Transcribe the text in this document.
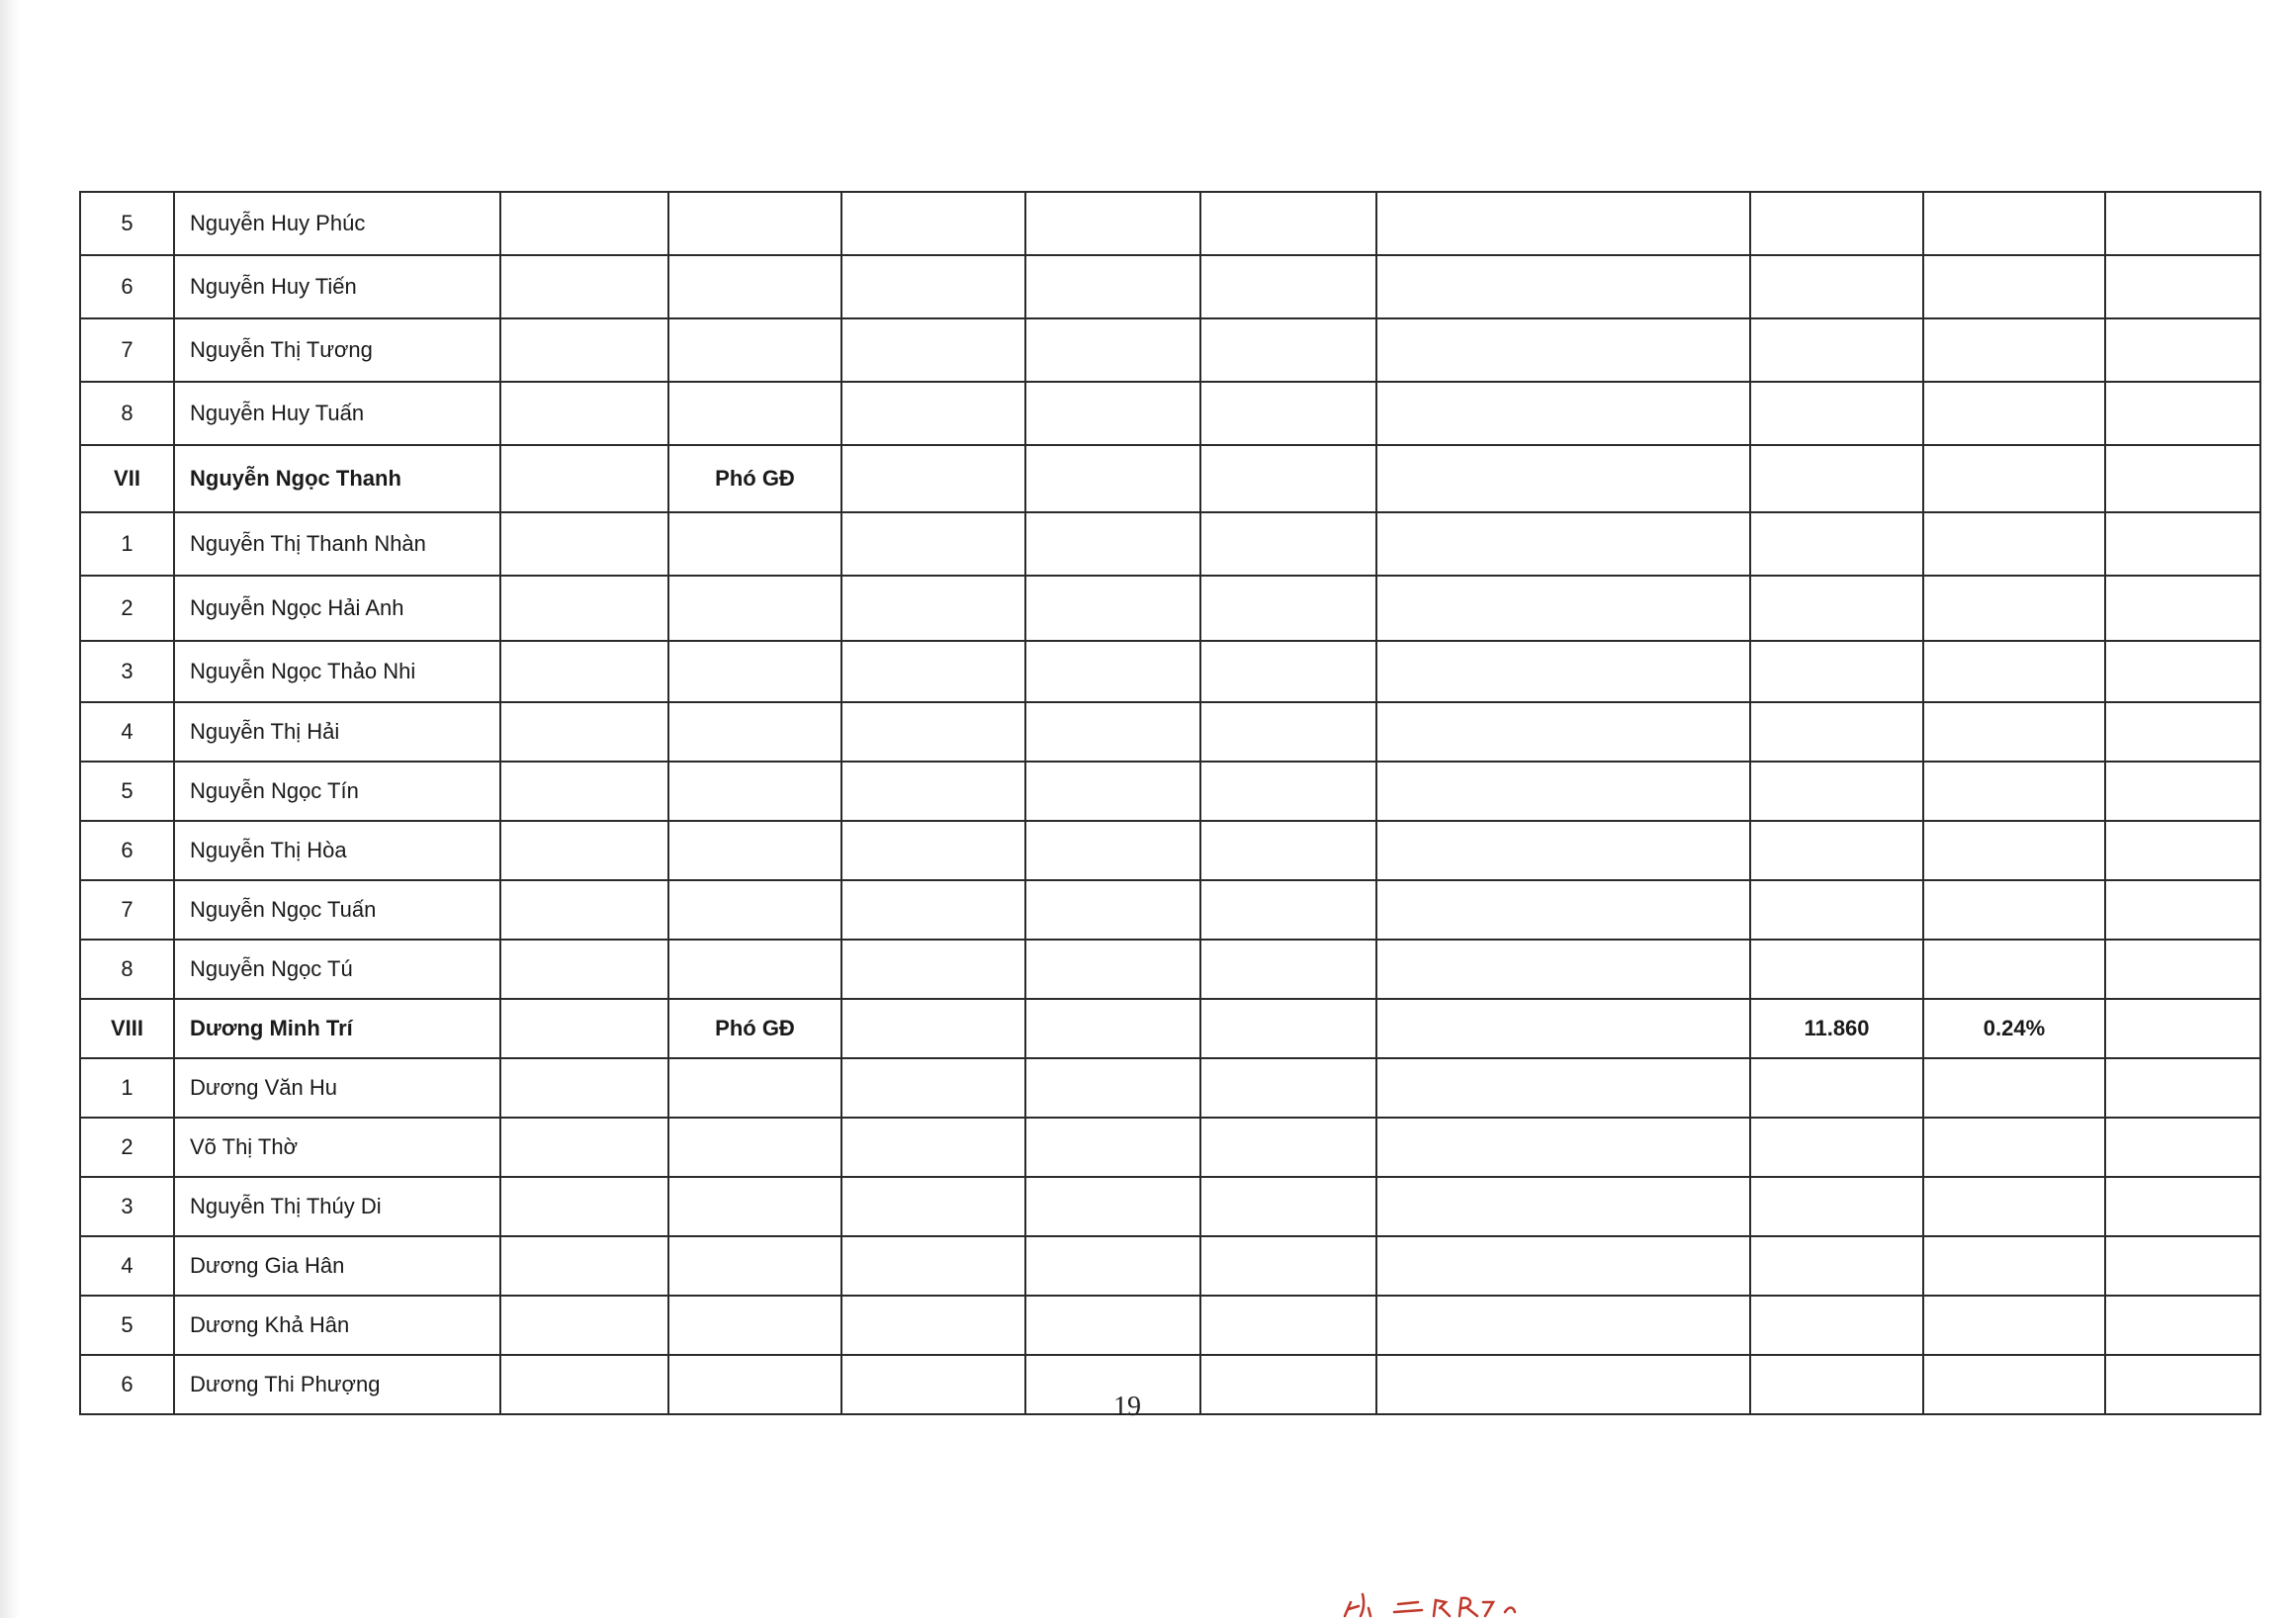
5	Nguyễn Huy Phúc									
6	Nguyễn Huy Tiến									
7	Nguyễn Thị Tương									
8	Nguyễn Huy Tuấn									
VII	Nguyễn Ngọc Thanh		Phó GĐ							
1	Nguyễn Thị Thanh Nhàn									
2	Nguyễn Ngọc Hải Anh									
3	Nguyễn Ngọc Thảo Nhi									
4	Nguyễn Thị Hải									
5	Nguyễn Ngọc Tín									
6	Nguyễn Thị Hòa									
7	Nguyễn Ngọc Tuấn									
8	Nguyễn Ngọc Tú									
VIII	Dương Minh Trí		Phó GĐ					11.860	0.24%	
1	Dương Văn Hu									
2	Võ Thị Thờ									
3	Nguyễn Thị Thúy Di									
4	Dương Gia Hân									
5	Dương Khả Hân									
6	Dương Thi Phượng									
19
